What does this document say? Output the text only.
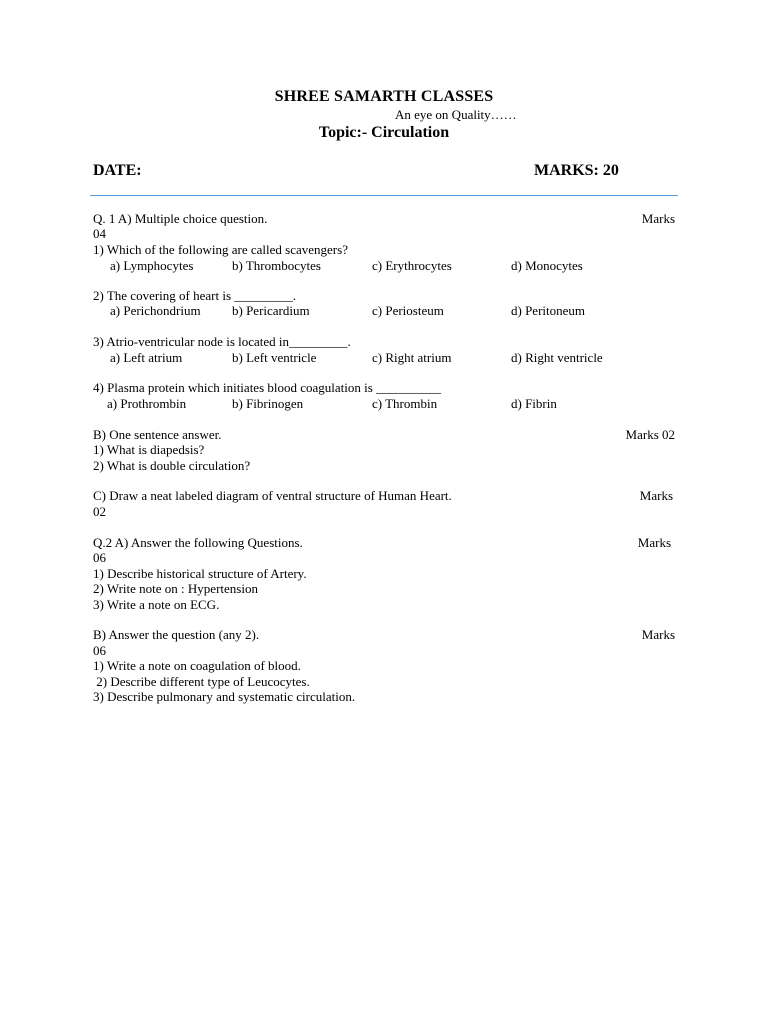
SHREE SAMARTH CLASSES
An eye on Quality……
Topic:- Circulation
DATE:	MARKS: 20
Q. 1 A) Multiple choice question.	Marks
04
1) Which of the following are called scavengers?
a) Lymphocytes	b) Thrombocytes	c) Erythrocytes	d) Monocytes
2) The covering of heart is _________.
a) Perichondrium b) Pericardium	c) Periosteum	d) Peritoneum
3) Atrio-ventricular node is located in_________.
a) Left atrium	b) Left ventricle	c) Right atrium	d) Right ventricle
4) Plasma protein which initiates blood coagulation is __________
a) Prothrombin	b) Fibrinogen	c) Thrombin	d) Fibrin
B) One sentence answer.	Marks 02
1) What is diapedsis?
2) What is double circulation?
C) Draw a neat labeled diagram of ventral structure of Human Heart.	Marks
02
Q.2 A) Answer the following Questions.	Marks
06
1) Describe historical structure of Artery.
2) Write note on : Hypertension
3) Write a note on ECG.
B) Answer the question (any 2).	Marks
06
1) Write a note on coagulation of blood.
2) Describe different type of Leucocytes.
3) Describe pulmonary and systematic circulation.
